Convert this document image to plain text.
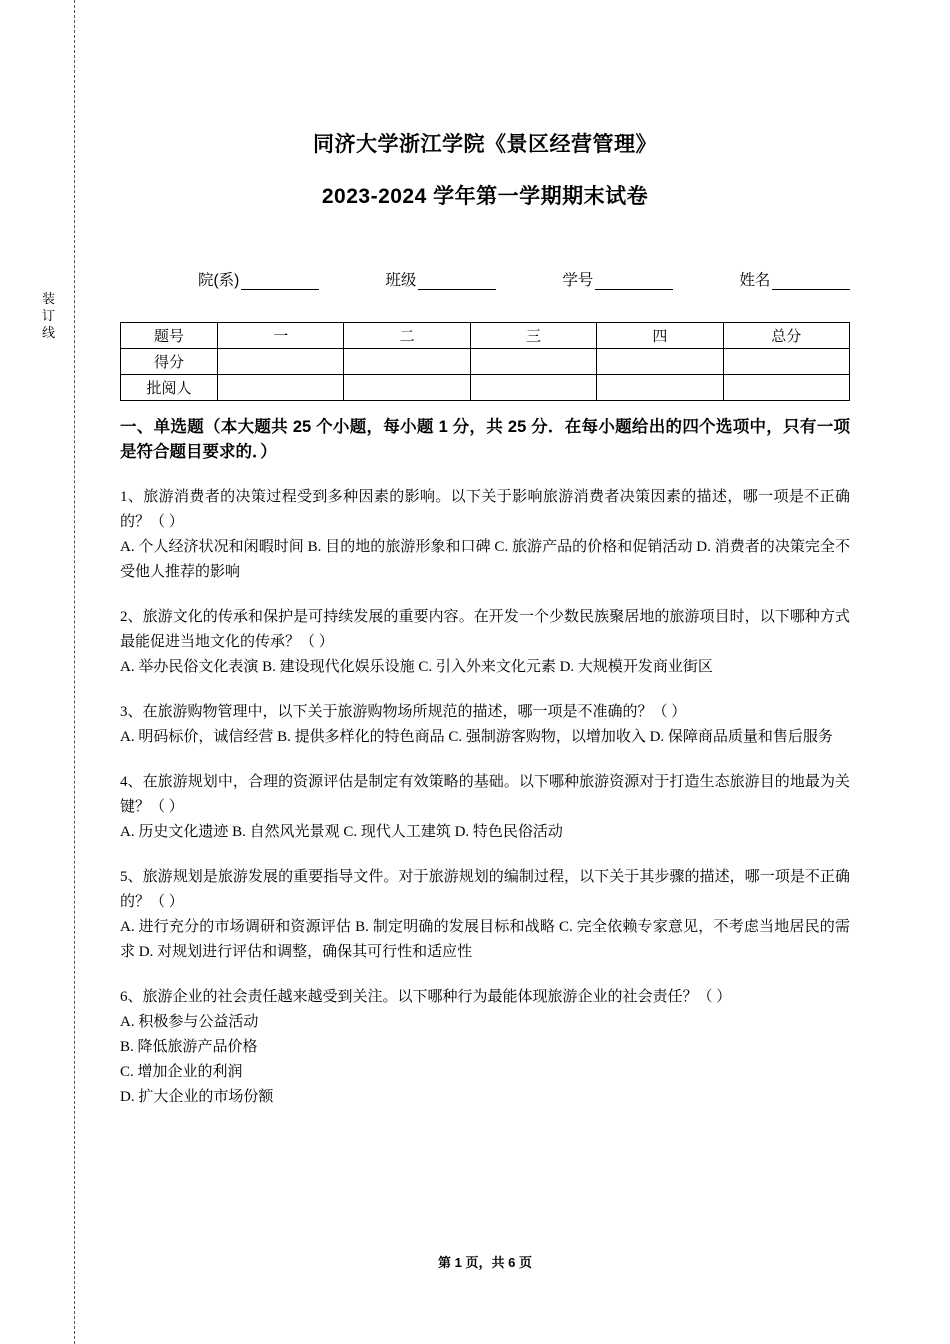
装订线
同济大学浙江学院《景区经营管理》
2023-2024 学年第一学期期末试卷
院(系)	班级	学号	姓名
题号	一	二	三	四	总分
得分					
批阅人					
一、单选题（本大题共 25 个小题，每小题 1 分，共 25 分．在每小题给出的四个选项中，只有一项是符合题目要求的．）
1、旅游消费者的决策过程受到多种因素的影响。以下关于影响旅游消费者决策因素的描述，哪一项是不正确的？（ ）
A. 个人经济状况和闲暇时间 B. 目的地的旅游形象和口碑 C. 旅游产品的价格和促销活动 D. 消费者的决策完全不受他人推荐的影响
2、旅游文化的传承和保护是可持续发展的重要内容。在开发一个少数民族聚居地的旅游项目时，以下哪种方式最能促进当地文化的传承？（ ）
A. 举办民俗文化表演 B. 建设现代化娱乐设施 C. 引入外来文化元素 D. 大规模开发商业街区
3、在旅游购物管理中，以下关于旅游购物场所规范的描述，哪一项是不准确的？（ ）
A. 明码标价，诚信经营 B. 提供多样化的特色商品 C. 强制游客购物，以增加收入 D. 保障商品质量和售后服务
4、在旅游规划中，合理的资源评估是制定有效策略的基础。以下哪种旅游资源对于打造生态旅游目的地最为关键？（ ）
A. 历史文化遗迹 B. 自然风光景观 C. 现代人工建筑 D. 特色民俗活动
5、旅游规划是旅游发展的重要指导文件。对于旅游规划的编制过程，以下关于其步骤的描述，哪一项是不正确的？（ ）
A. 进行充分的市场调研和资源评估 B. 制定明确的发展目标和战略 C. 完全依赖专家意见，不考虑当地居民的需求 D. 对规划进行评估和调整，确保其可行性和适应性
6、旅游企业的社会责任越来越受到关注。以下哪种行为最能体现旅游企业的社会责任？（ ）
A. 积极参与公益活动
B. 降低旅游产品价格
C. 增加企业的利润
D. 扩大企业的市场份额
第 1 页，共 6 页
